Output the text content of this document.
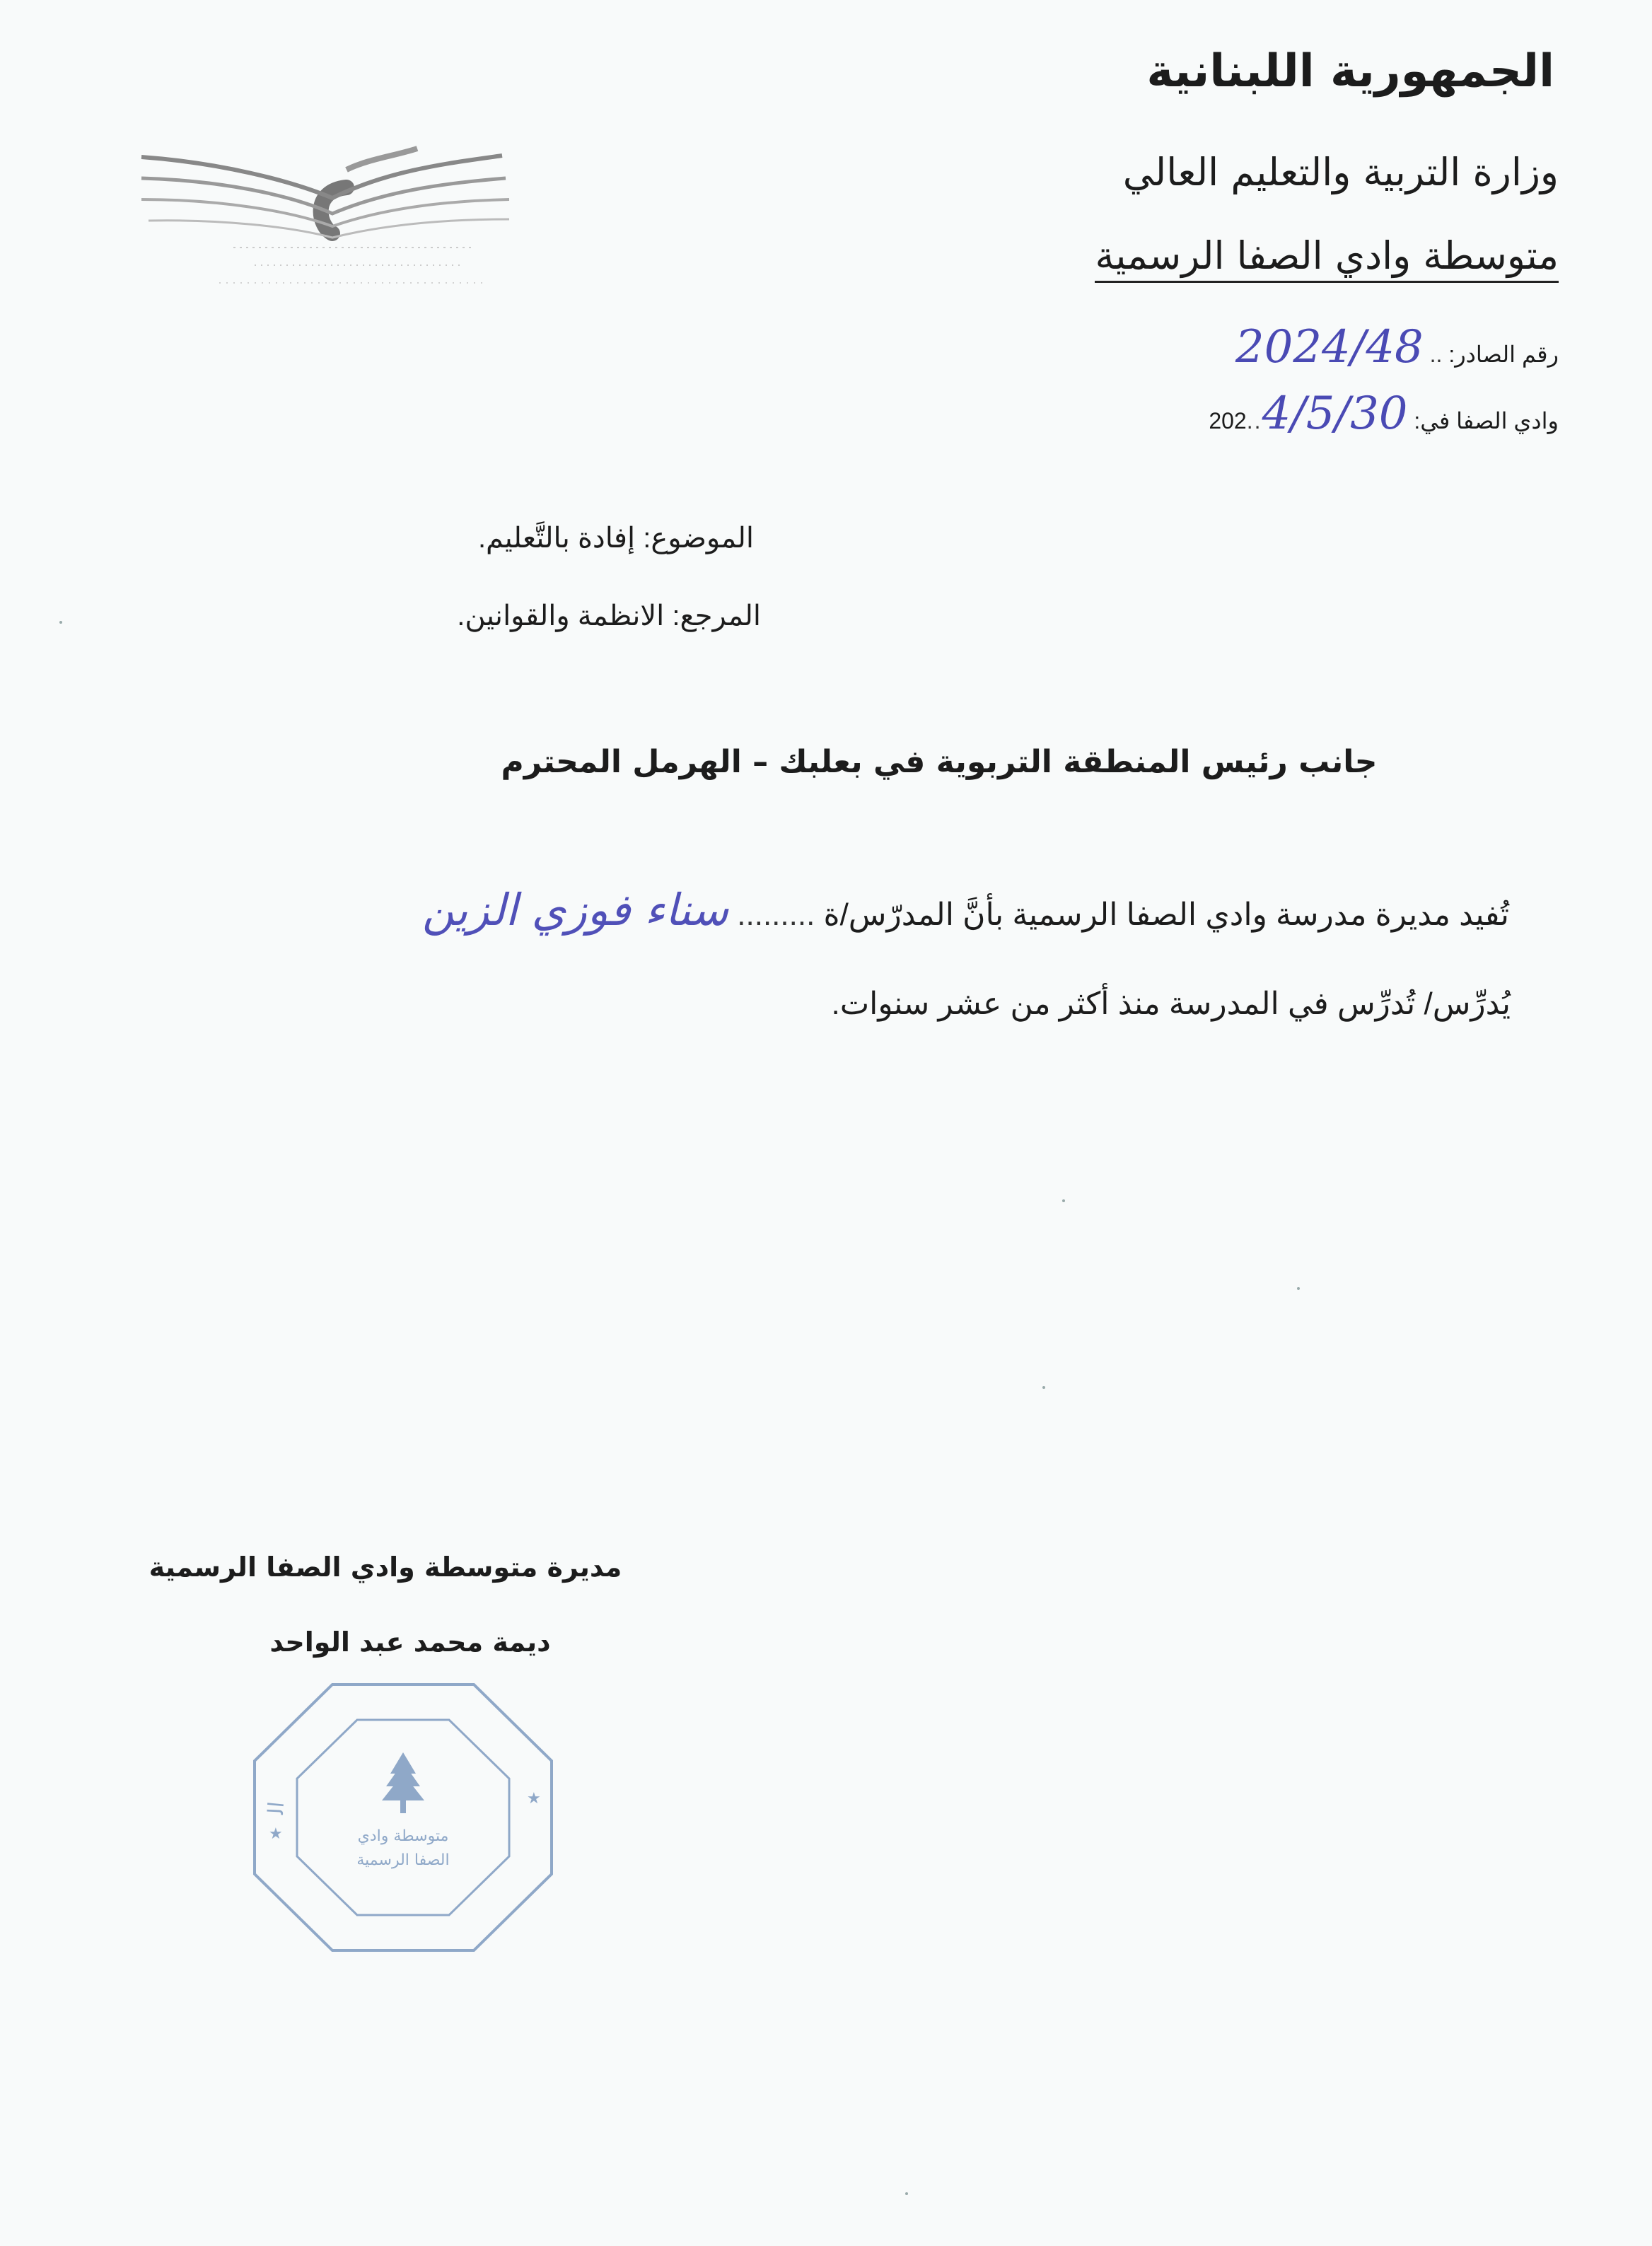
الجمهورية اللبنانية
وزارة التربية والتعليم العالي
متوسطة وادي الصفا الرسمية
رقم الصادر: .. 2024/48
وادي الصفا في: 202..4/5/30
الموضوع: إفادة بالتَّعليم.
المرجع: الانظمة والقوانين.
جانب رئيس المنطقة التربوية في بعلبك – الهرمل المحترم
تُفيد مديرة مدرسة وادي الصفا الرسمية بأنَّ المدرّس/ة ......... سناء فوزي الزين
يُدرِّس/ تُدرِّس في المدرسة منذ أكثر من عشر سنوات.
مديرة متوسطة وادي الصفا الرسمية
ديمة محمد عبد الواحد
ال
متوسطة وادي الصفا الرسمية
★
★
